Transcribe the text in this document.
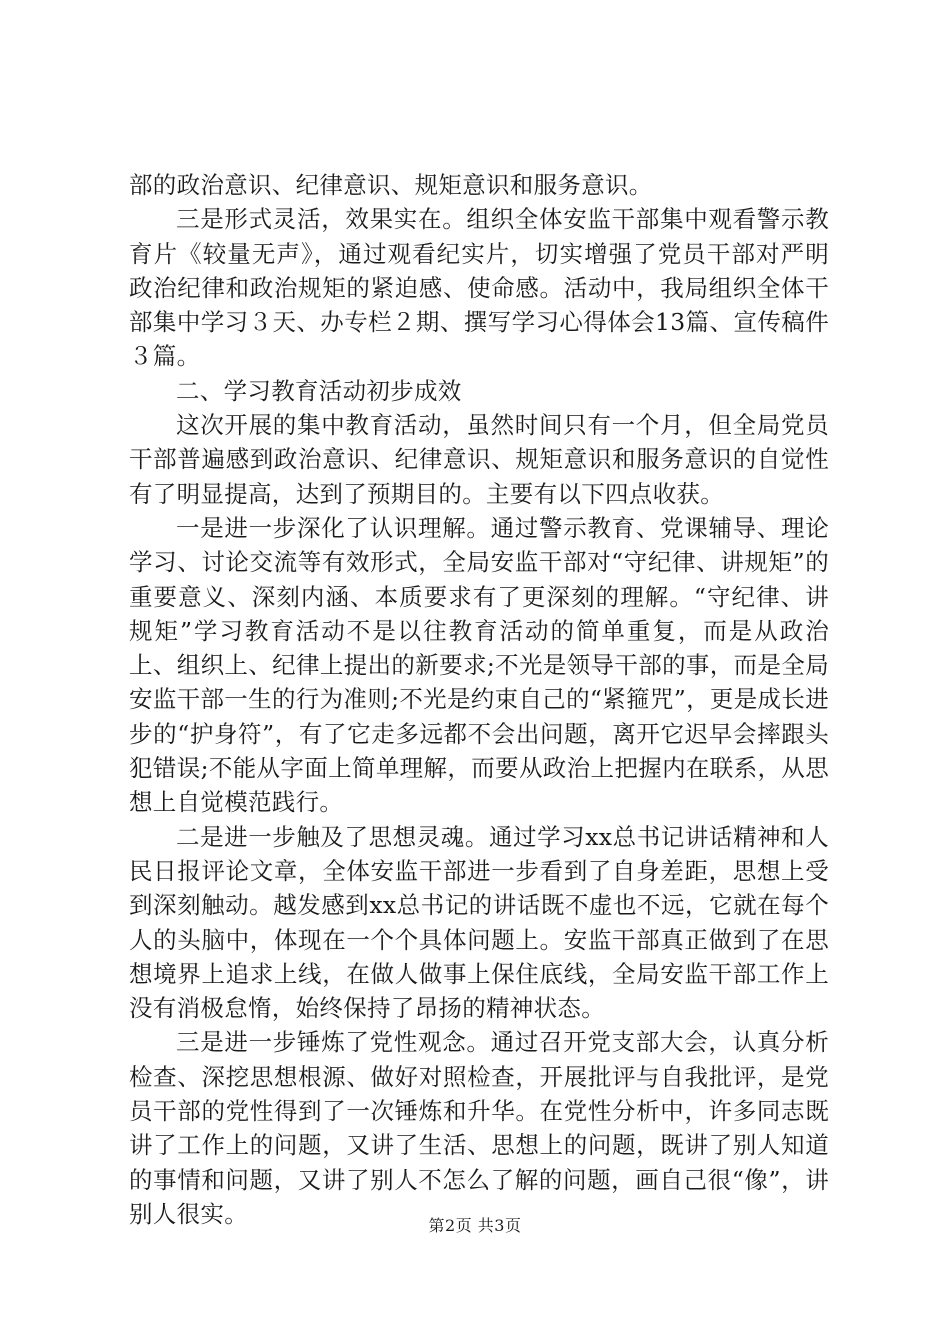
部的政治意识、纪律意识、规矩意识和服务意识。

三是形式灵活，效果实在。组织全体安监干部集中观看警示教育片《较量无声》，通过观看纪实片，切实增强了党员干部对严明政治纪律和政治规矩的紧迫感、使命感。活动中，我局组织全体干部集中学习３天、办专栏２期、撰写学习心得体会13篇、宣传稿件３篇。

二、学习教育活动初步成效

这次开展的集中教育活动，虽然时间只有一个月，但全局党员干部普遍感到政治意识、纪律意识、规矩意识和服务意识的自觉性有了明显提高，达到了预期目的。主要有以下四点收获。

一是进一步深化了认识理解。通过警示教育、党课辅导、理论学习、讨论交流等有效形式，全局安监干部对“守纪律、讲规矩”的重要意义、深刻内涵、本质要求有了更深刻的理解。“守纪律、讲规矩”学习教育活动不是以往教育活动的简单重复，而是从政治上、组织上、纪律上提出的新要求;不光是领导干部的事，而是全局安监干部一生的行为准则;不光是约束自己的“紧箍咒”，更是成长进步的“护身符”，有了它走多远都不会出问题，离开它迟早会摔跟头犯错误;不能从字面上简单理解，而要从政治上把握内在联系，从思想上自觉模范践行。

二是进一步触及了思想灵魂。通过学习xx总书记讲话精神和人民日报评论文章，全体安监干部进一步看到了自身差距，思想上受到深刻触动。越发感到xx总书记的讲话既不虚也不远，它就在每个人的头脑中，体现在一个个具体问题上。安监干部真正做到了在思想境界上追求上线，在做人做事上保住底线，全局安监干部工作上没有消极怠惰，始终保持了昂扬的精神状态。

三是进一步锤炼了党性观念。通过召开党支部大会，认真分析检查、深挖思想根源、做好对照检查，开展批评与自我批评，是党员干部的党性得到了一次锤炼和升华。在党性分析中，许多同志既讲了工作上的问题，又讲了生活、思想上的问题，既讲了别人知道的事情和问题，又讲了别人不怎么了解的问题，画自己很“像”，讲别人很实。	第2页 共3页
